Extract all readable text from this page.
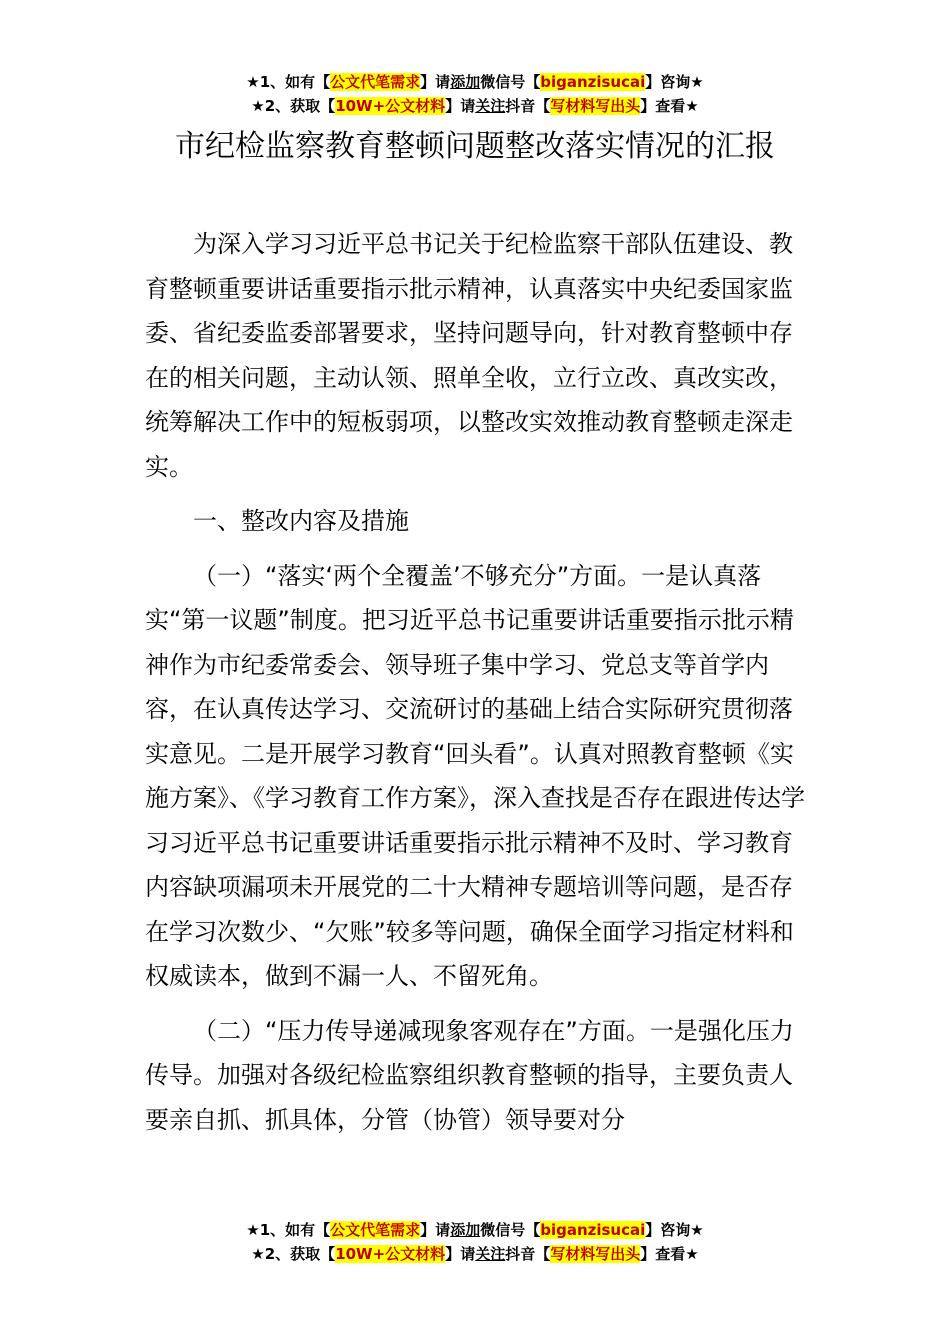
★1、如有【公文代笔需求】请添加微信号【biganzisucai】咨询★
★2、获取【10W+公文材料】请关注抖音【写材料写出头】查看★
市纪检监察教育整顿问题整改落实情况的汇报

为深入学习习近平总书记关于纪检监察干部队伍建设、教育整顿重要讲话重要指示批示精神，认真落实中央纪委国家监委、省纪委监委部署要求，坚持问题导向，针对教育整顿中存在的相关问题，主动认领、照单全收，立行立改、真改实改，统筹解决工作中的短板弱项，以整改实效推动教育整顿走深走实。

一、整改内容及措施

（一）“落实‘两个全覆盖’不够充分”方面。一是认真落实“第一议题”制度。把习近平总书记重要讲话重要指示批示精神作为市纪委常委会、领导班子集中学习、党总支等首学内容，在认真传达学习、交流研讨的基础上结合实际研究贯彻落实意见。二是开展学习教育“回头看”。认真对照教育整顿《实施方案》、《学习教育工作方案》，深入查找是否存在跟进传达学习习近平总书记重要讲话重要指示批示精神不及时、学习教育内容缺项漏项未开展党的二十大精神专题培训等问题，是否存在学习次数少、“欠账”较多等问题，确保全面学习指定材料和权威读本，做到不漏一人、不留死角。

（二）“压力传导递减现象客观存在”方面。一是强化压力传导。加强对各级纪检监察组织教育整顿的指导，主要负责人要亲自抓、抓具体，分管（协管）领导要对分

★1、如有【公文代笔需求】请添加微信号【biganzisucai】咨询★
★2、获取【10W+公文材料】请关注抖音【写材料写出头】查看★
